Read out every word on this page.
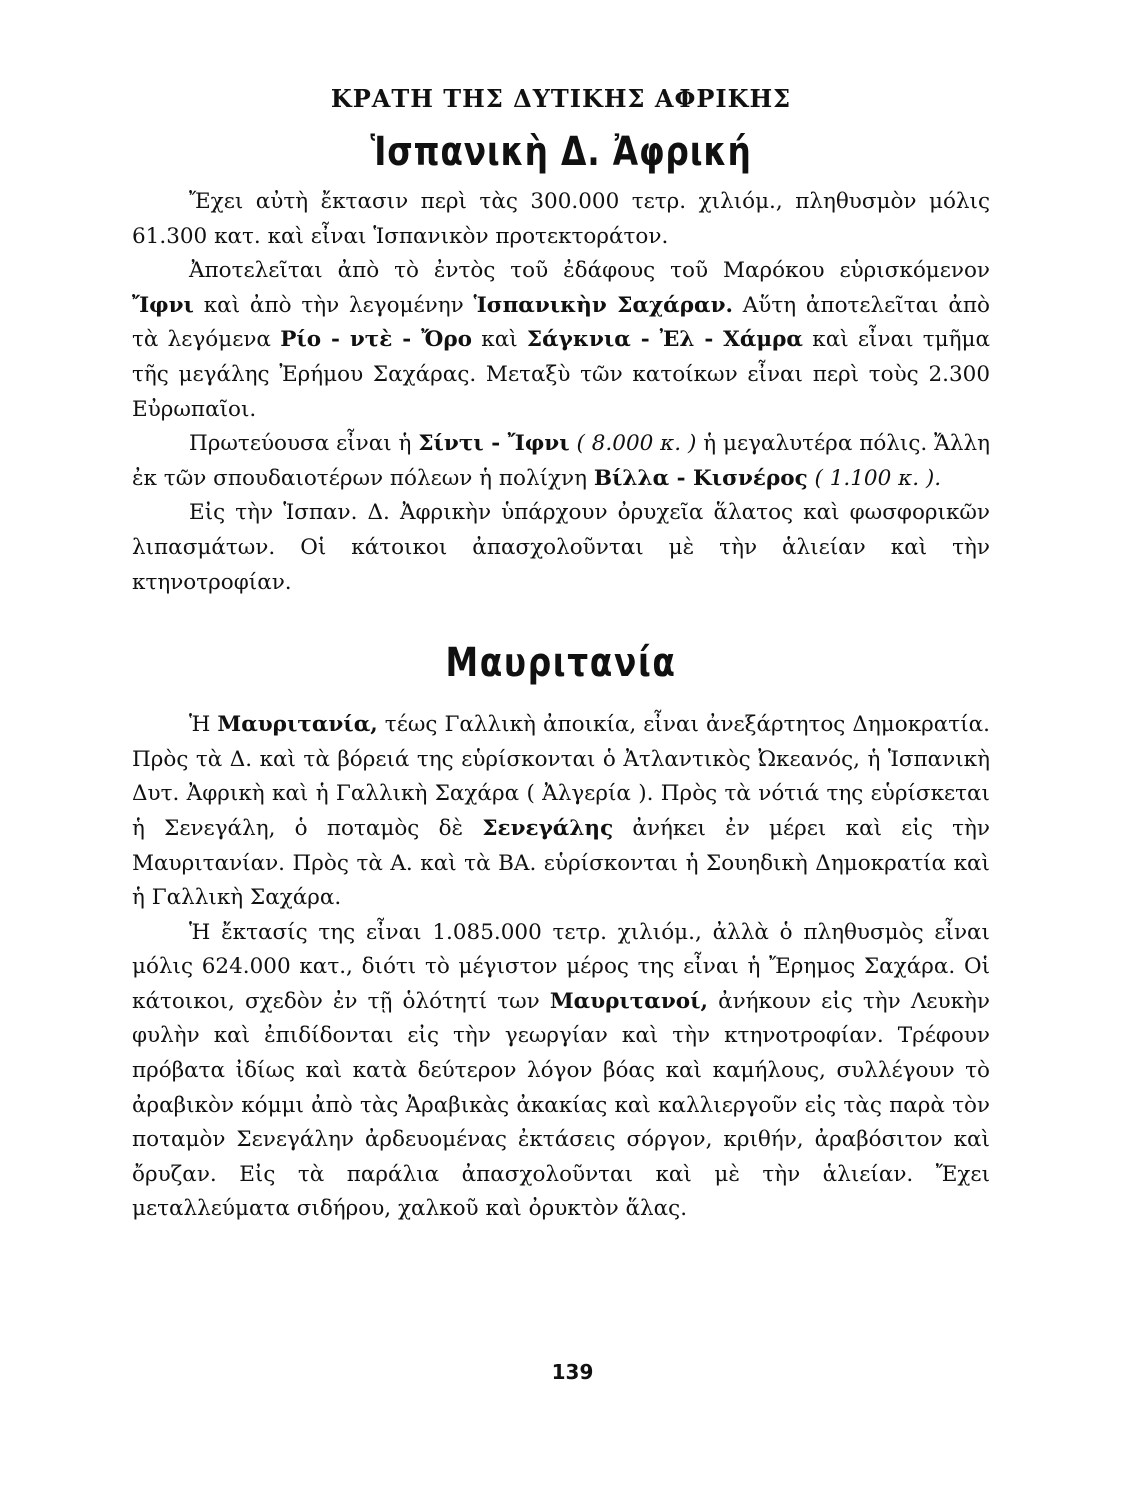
ΚΡΑΤΗ ΤΗΣ ΔΥΤΙΚΗΣ ΑΦΡΙΚΗΣ
Ἱσπανικὴ Δ. Ἀφρική

Ἔχει αὐτὴ ἔκτασιν περὶ τὰς 300.000 τετρ. χιλιόμ., πληθυσμὸν μόλις 61.300 κατ. καὶ εἶναι Ἱσπανικὸν προτεκτοράτον.

Ἀποτελεῖται ἀπὸ τὸ ἐντὸς τοῦ ἐδάφους τοῦ Μαρόκου εὑρισκόμενον Ἴφνι καὶ ἀπὸ τὴν λεγομένην Ἱσπανικὴν Σαχάραν. Αὕτη ἀποτελεῖται ἀπὸ τὰ λεγόμενα Ρίο - ντὲ - Ὄρο καὶ Σάγκνια - Ἐλ - Χάμρα καὶ εἶναι τμῆμα τῆς μεγάλης Ἐρήμου Σαχάρας. Μεταξὺ τῶν κατοίκων εἶναι περὶ τοὺς 2.300 Εὐρωπαῖοι.

Πρωτεύουσα εἶναι ἡ Σίντι - Ἴφνι ( 8.000 κ. ) ἡ μεγαλυτέρα πόλις. Ἄλλη ἐκ τῶν σπουδαιοτέρων πόλεων ἡ πολίχνη Βίλλα - Κισνέρος ( 1.100 κ. ).

Εἰς τὴν Ἱσπαν. Δ. Ἀφρικὴν ὑπάρχουν ὀρυχεῖα ἅλατος καὶ φωσφορικῶν λιπασμάτων. Οἱ κάτοικοι ἀπασχολοῦνται μὲ τὴν ἁλιείαν καὶ τὴν κτηνοτροφίαν.

Μαυριτανία

Ἡ Μαυριτανία, τέως Γαλλικὴ ἀποικία, εἶναι ἀνεξάρτητος Δημοκρατία. Πρὸς τὰ Δ. καὶ τὰ βόρειά της εὑρίσκονται ὁ Ἀτλαντικὸς Ὠκεανός, ἡ Ἱσπανικὴ Δυτ. Ἀφρικὴ καὶ ἡ Γαλλικὴ Σαχάρα ( Ἀλγερία ). Πρὸς τὰ νότιά της εὑρίσκεται ἡ Σενεγάλη, ὁ ποταμὸς δὲ Σενεγάλης ἀνήκει ἐν μέρει καὶ εἰς τὴν Μαυριτανίαν. Πρὸς τὰ Α. καὶ τὰ ΒΑ. εὑρίσκονται ἡ Σουηδικὴ Δημοκρατία καὶ ἡ Γαλλικὴ Σαχάρα.

Ἡ ἔκτασίς της εἶναι 1.085.000 τετρ. χιλιόμ., ἀλλὰ ὁ πληθυσμὸς εἶναι μόλις 624.000 κατ., διότι τὸ μέγιστον μέρος της εἶναι ἡ Ἔρημος Σαχάρα. Οἱ κάτοικοι, σχεδὸν ἐν τῇ ὁλότητί των Μαυριτανοί, ἀνήκουν εἰς τὴν Λευκὴν φυλὴν καὶ ἐπιδίδονται εἰς τὴν γεωργίαν καὶ τὴν κτηνοτροφίαν. Τρέφουν πρόβατα ἰδίως καὶ κατὰ δεύτερον λόγον βόας καὶ καμήλους, συλλέγουν τὸ ἀραβικὸν κόμμι ἀπὸ τὰς Ἀραβικὰς ἀκακίας καὶ καλλιεργοῦν εἰς τὰς παρὰ τὸν ποταμὸν Σενεγάλην ἀρδευομένας ἐκτάσεις σόργον, κριθήν, ἀραβόσιτον καὶ ὄρυζαν. Εἰς τὰ παράλια ἀπασχολοῦνται καὶ μὲ τὴν ἁλιείαν. Ἔχει μεταλλεύματα σιδήρου, χαλκοῦ καὶ ὀρυκτὸν ἅλας.

139
